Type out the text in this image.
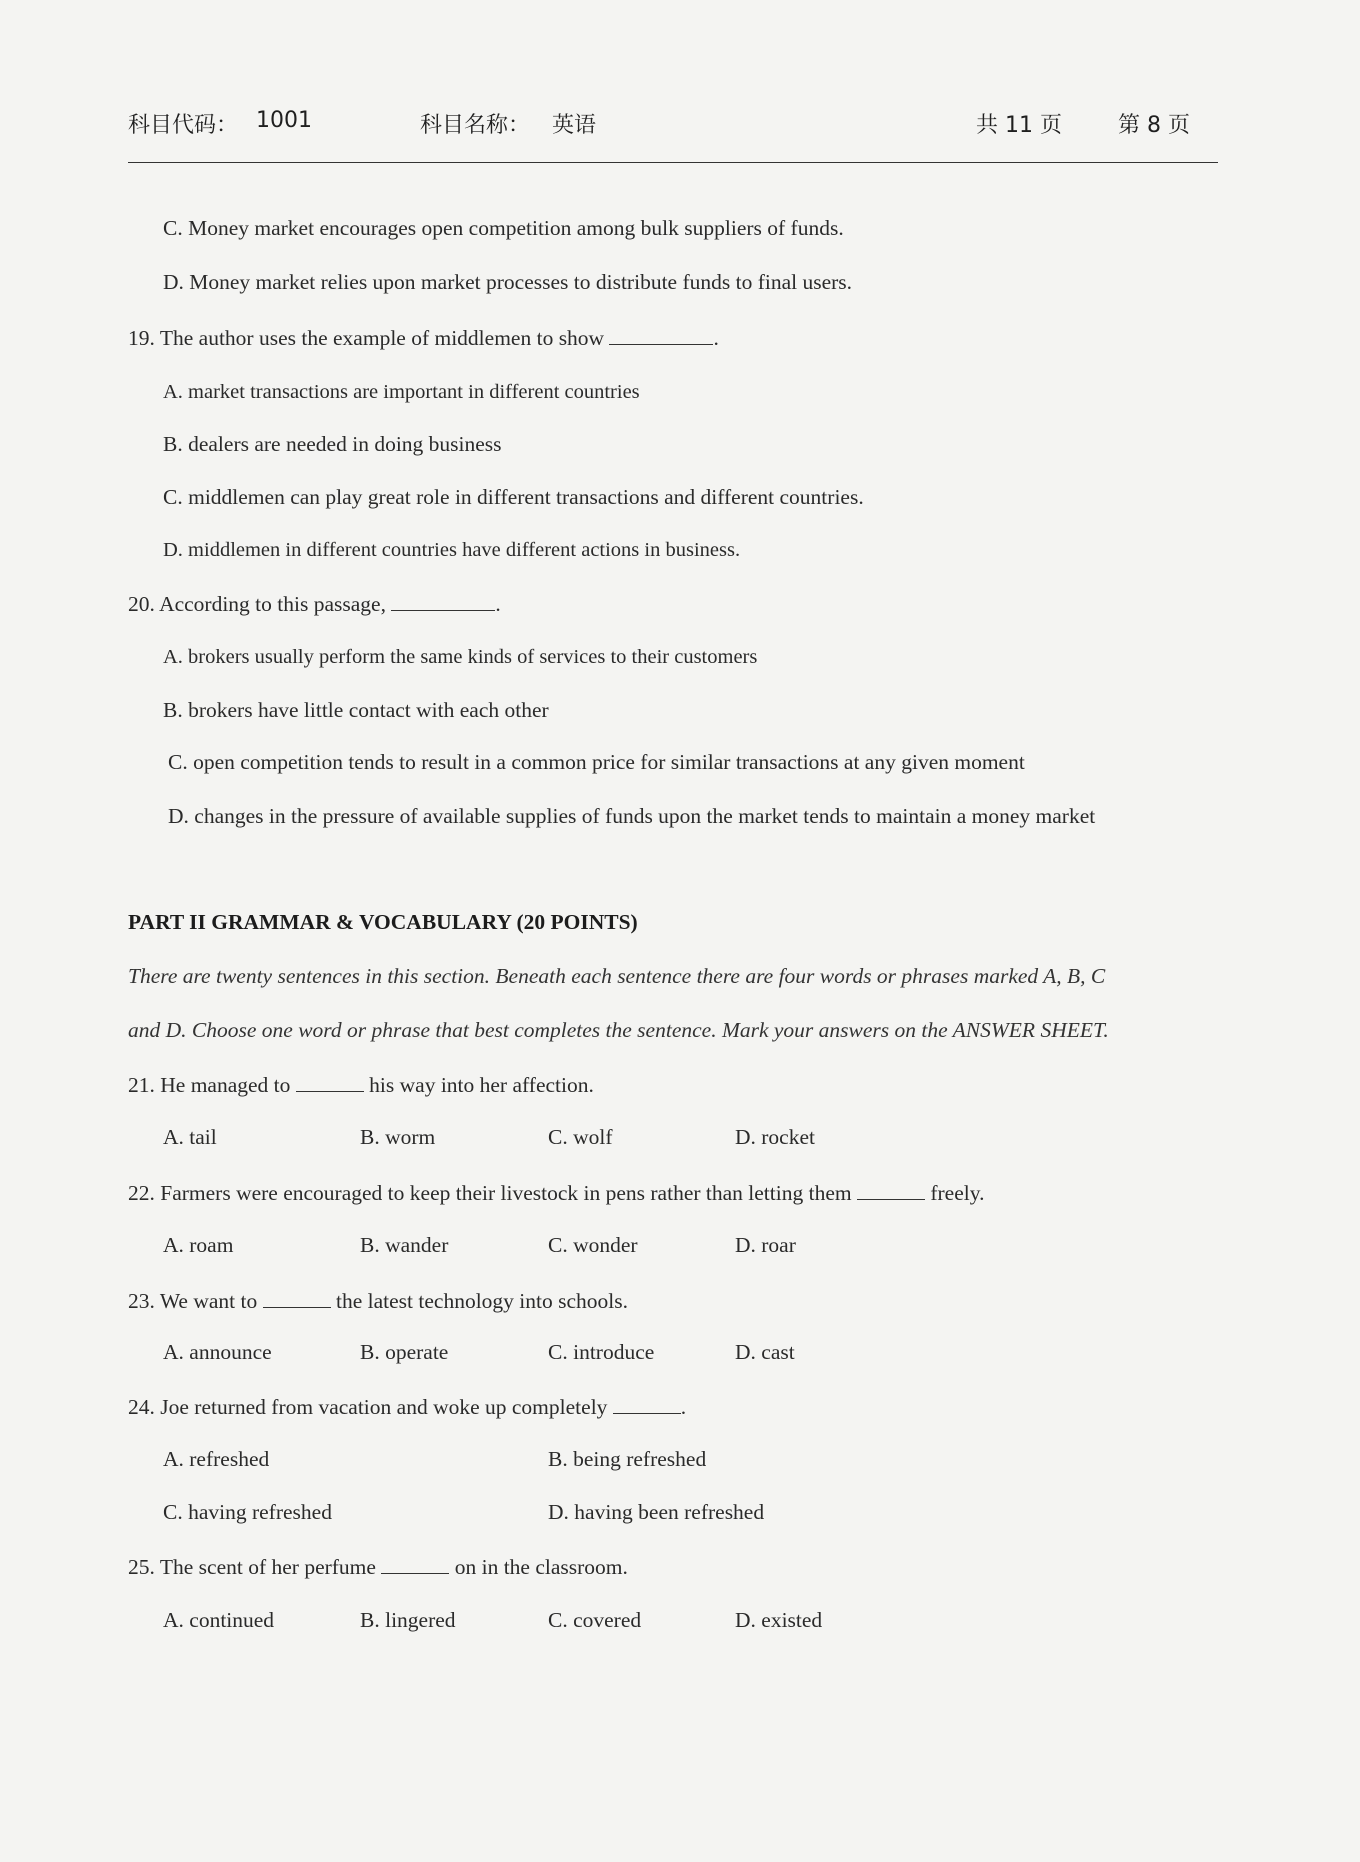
科目代码： 1001	科目名称： 英语	共 11 页	第 8 页
C. Money market encourages open competition among bulk suppliers of funds.
D. Money market relies upon market processes to distribute funds to final users.
19. The author uses the example of middlemen to show	.
A. market transactions are important in different countries
B. dealers are needed in doing business
C. middlemen can play great role in different transactions and different countries.
D. middlemen in different countries have different actions in business.
20. According to this passage,	.
A. brokers usually perform the same kinds of services to their customers
B. brokers have little contact with each other
C. open competition tends to result in a common price for similar transactions at any given moment
D. changes in the pressure of available supplies of funds upon the market tends to maintain a money market
PART II GRAMMAR & VOCABULARY (20 POINTS)
There are twenty sentences in this section. Beneath each sentence there are four words or phrases marked A, B, C
and D. Choose one word or phrase that best completes the sentence. Mark your answers on the ANSWER SHEET.
21. He managed to	his way into her affection.
A. tail	B. worm	C. wolf	D. rocket
22. Farmers were encouraged to keep their livestock in pens rather than letting them	freely.
A. roam	B. wander	C. wonder	D. roar
23. We want to	the latest technology into schools.
A. announce	B. operate	C. introduce	D. cast
24. Joe returned from vacation and woke up completely	.
A. refreshed	B. being refreshed
C. having refreshed	D. having been refreshed
25. The scent of her perfume	on in the classroom.
A. continued	B. lingered	C. covered	D. existed
